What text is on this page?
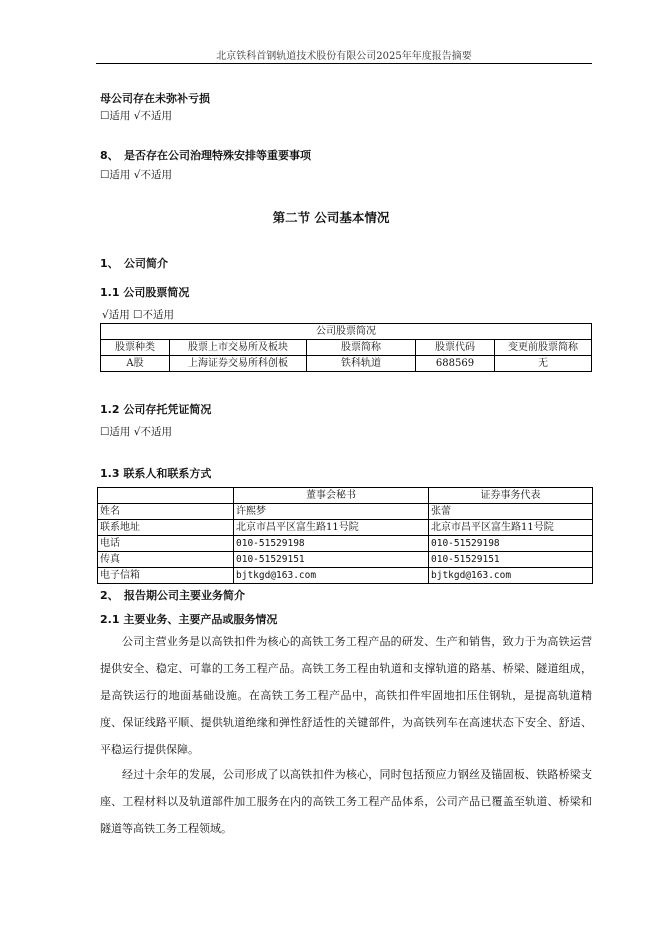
北京铁科首钢轨道技术股份有限公司2025年年度报告摘要
母公司存在未弥补亏损
☐适用 √不适用
8、 是否存在公司治理特殊安排等重要事项
☐适用 √不适用
第二节 公司基本情况
1、 公司简介
1.1 公司股票简况
√适用 ☐不适用
公司股票简况				
股票种类	股票上市交易所及板块	股票简称	股票代码	变更前股票简称
A股	上海证券交易所科创板	铁科轨道	688569	无
1.2 公司存托凭证简况
☐适用 √不适用
1.3 联系人和联系方式
	董事会秘书	证券事务代表
姓名	许熙梦	张蕾
联系地址	北京市昌平区富生路11号院	北京市昌平区富生路11号院
电话	010-51529198	010-51529198
传真	010-51529151	010-51529151
电子信箱	bjtkgd@163.com	bjtkgd@163.com
2、 报告期公司主要业务简介
2.1 主要业务、主要产品或服务情况
公司主营业务是以高铁扣件为核心的高铁工务工程产品的研发、生产和销售，致力于为高铁运营提供安全、稳定、可靠的工务工程产品。高铁工务工程由轨道和支撑轨道的路基、桥梁、隧道组成，是高铁运行的地面基础设施。在高铁工务工程产品中，高铁扣件牢固地扣压住钢轨，是提高轨道精度、保证线路平顺、提供轨道绝缘和弹性舒适性的关键部件，为高铁列车在高速状态下安全、舒适、平稳运行提供保障。
经过十余年的发展，公司形成了以高铁扣件为核心，同时包括预应力钢丝及锚固板、铁路桥梁支座、工程材料以及轨道部件加工服务在内的高铁工务工程产品体系，公司产品已覆盖至轨道、桥梁和隧道等高铁工务工程领域。
